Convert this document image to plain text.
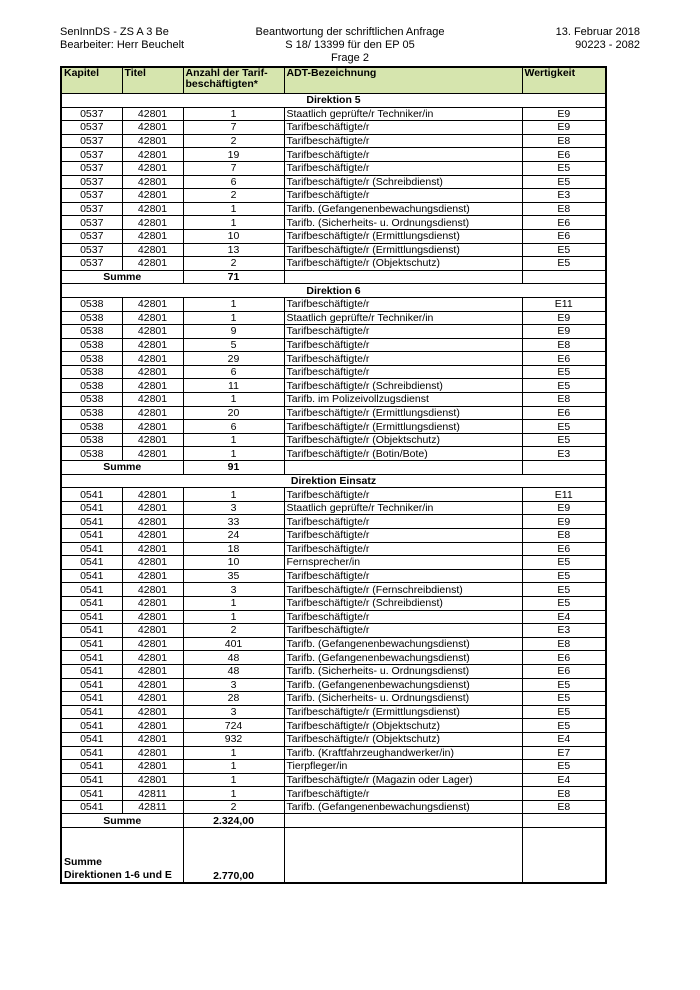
SenInnDS - ZS A 3 Be
Bearbeiter: Herr Beuchelt
Beantwortung der schriftlichen Anfrage
S 18/ 13399 für den EP 05
Frage 2
13. Februar 2018
90223 - 2082
Kapitel	Titel	Anzahl der Tarif-beschäftigten*	ADT-Bezeichnung	Wertigkeit
Direktion 5				
0537	42801	1	Staatlich geprüfte/r Techniker/in	E9
0537	42801	7	Tarifbeschäftigte/r	E9
0537	42801	2	Tarifbeschäftigte/r	E8
0537	42801	19	Tarifbeschäftigte/r	E6
0537	42801	7	Tarifbeschäftigte/r	E5
0537	42801	6	Tarifbeschäftigte/r (Schreibdienst)	E5
0537	42801	2	Tarifbeschäftigte/r	E3
0537	42801	1	Tarifb. (Gefangenenbewachungsdienst)	E8
0537	42801	1	Tarifb. (Sicherheits- u. Ordnungsdienst)	E6
0537	42801	10	Tarifbeschäftigte/r (Ermittlungsdienst)	E6
0537	42801	13	Tarifbeschäftigte/r (Ermittlungsdienst)	E5
0537	42801	2	Tarifbeschäftigte/r (Objektschutz)	E5
Summe		71		
Direktion 6				
0538	42801	1	Tarifbeschäftigte/r	E11
0538	42801	1	Staatlich geprüfte/r Techniker/in	E9
0538	42801	9	Tarifbeschäftigte/r	E9
0538	42801	5	Tarifbeschäftigte/r	E8
0538	42801	29	Tarifbeschäftigte/r	E6
0538	42801	6	Tarifbeschäftigte/r	E5
0538	42801	11	Tarifbeschäftigte/r (Schreibdienst)	E5
0538	42801	1	Tarifb. im Polizeivollzugsdienst	E8
0538	42801	20	Tarifbeschäftigte/r (Ermittlungsdienst)	E6
0538	42801	6	Tarifbeschäftigte/r (Ermittlungsdienst)	E5
0538	42801	1	Tarifbeschäftigte/r (Objektschutz)	E5
0538	42801	1	Tarifbeschäftigte/r (Botin/Bote)	E3
Summe		91		
Direktion Einsatz				
0541	42801	1	Tarifbeschäftigte/r	E11
0541	42801	3	Staatlich geprüfte/r Techniker/in	E9
0541	42801	33	Tarifbeschäftigte/r	E9
0541	42801	24	Tarifbeschäftigte/r	E8
0541	42801	18	Tarifbeschäftigte/r	E6
0541	42801	10	Fernsprecher/in	E5
0541	42801	35	Tarifbeschäftigte/r	E5
0541	42801	3	Tarifbeschäftigte/r (Fernschreibdienst)	E5
0541	42801	1	Tarifbeschäftigte/r (Schreibdienst)	E5
0541	42801	1	Tarifbeschäftigte/r	E4
0541	42801	2	Tarifbeschäftigte/r	E3
0541	42801	401	Tarifb. (Gefangenenbewachungsdienst)	E8
0541	42801	48	Tarifb. (Gefangenenbewachungsdienst)	E6
0541	42801	48	Tarifb. (Sicherheits- u. Ordnungsdienst)	E6
0541	42801	3	Tarifb. (Gefangenenbewachungsdienst)	E5
0541	42801	28	Tarifb. (Sicherheits- u. Ordnungsdienst)	E5
0541	42801	3	Tarifbeschäftigte/r (Ermittlungsdienst)	E5
0541	42801	724	Tarifbeschäftigte/r (Objektschutz)	E5
0541	42801	932	Tarifbeschäftigte/r (Objektschutz)	E4
0541	42801	1	Tarifb. (Kraftfahrzeughandwerker/in)	E7
0541	42801	1	Tierpfleger/in	E5
0541	42801	1	Tarifbeschäftigte/r (Magazin oder Lager)	E4
0541	42811	1	Tarifbeschäftigte/r	E8
0541	42811	2	Tarifb. (Gefangenenbewachungsdienst)	E8
Summe		2.324,00		

Summe
Direktionen 1-6 und E		2.770,00		
